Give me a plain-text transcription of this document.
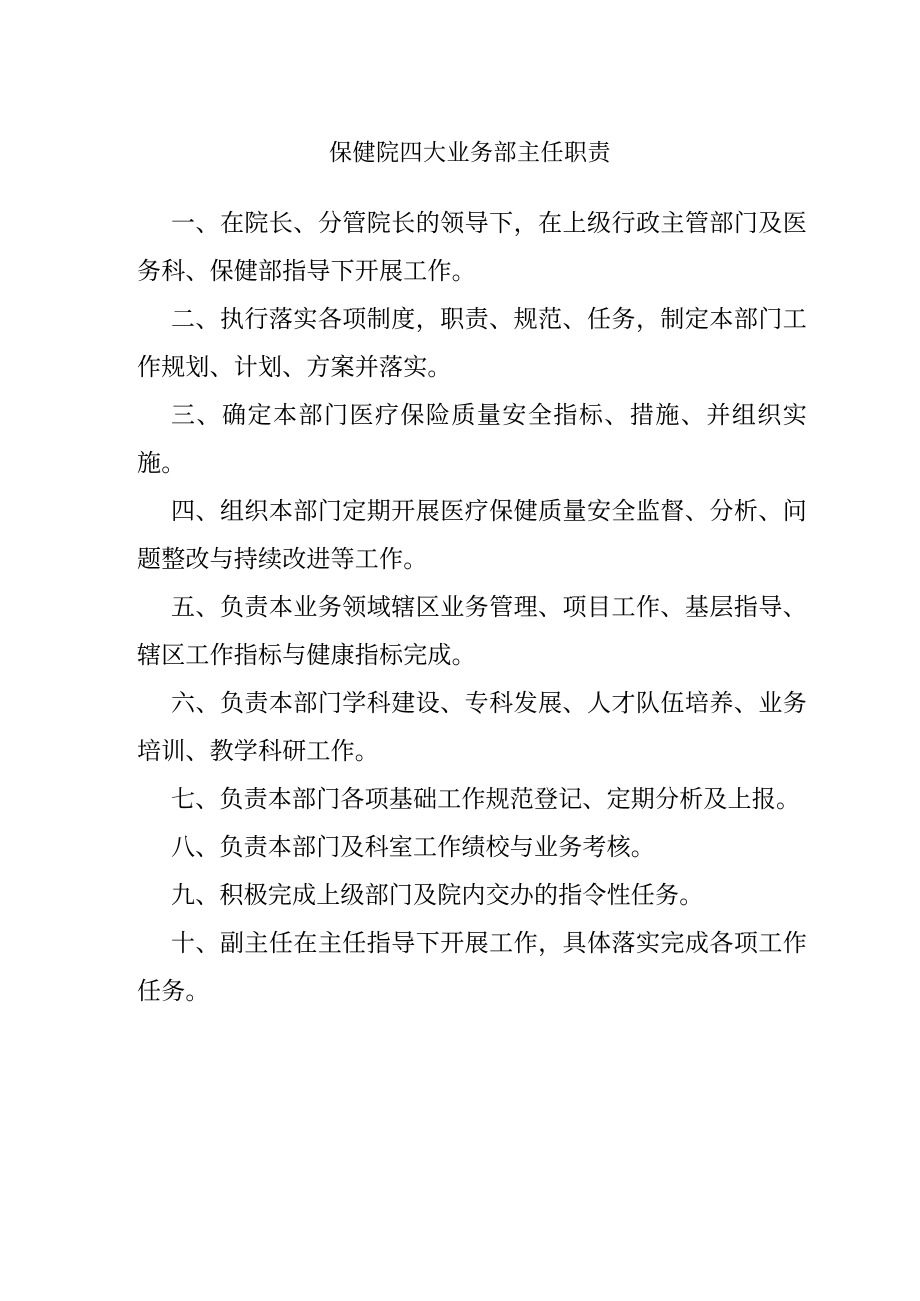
保健院四大业务部主任职责

一、在院长、分管院长的领导下，在上级行政主管部门及医务科、保健部指导下开展工作。

二、执行落实各项制度，职责、规范、任务，制定本部门工作规划、计划、方案并落实。

三、确定本部门医疗保险质量安全指标、措施、并组织实施。

四、组织本部门定期开展医疗保健质量安全监督、分析、问题整改与持续改进等工作。

五、负责本业务领域辖区业务管理、项目工作、基层指导、辖区工作指标与健康指标完成。

六、负责本部门学科建设、专科发展、人才队伍培养、业务培训、教学科研工作。

七、负责本部门各项基础工作规范登记、定期分析及上报。

八、负责本部门及科室工作绩校与业务考核。

九、积极完成上级部门及院内交办的指令性任务。

十、副主任在主任指导下开展工作，具体落实完成各项工作任务。
